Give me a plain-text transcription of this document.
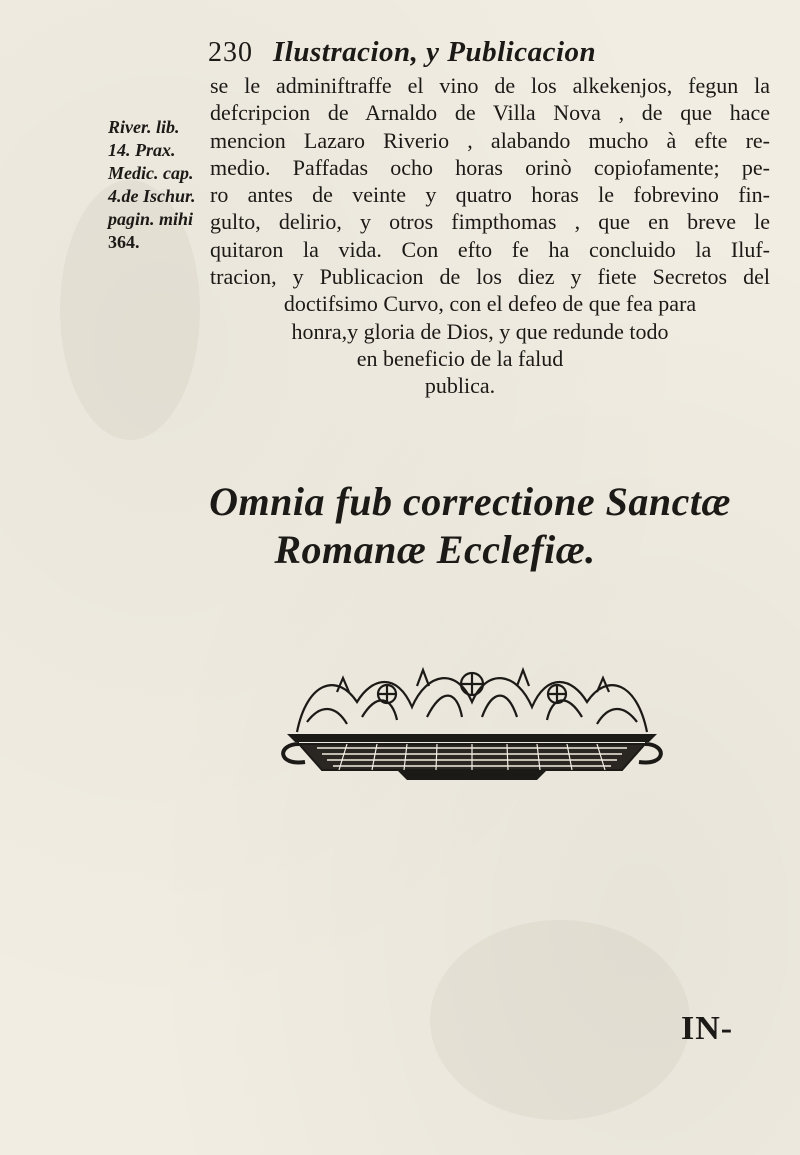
230 Ilustracion, y Publicacion
River. lib.
14. Prax.
Medic. cap.
4.de Ischur.
pagin. mihi
364.
se le adminiftraffe el vino de los alkekenjos, fegun la
defcripcion de Arnaldo de Villa Nova , de que hace
mencion Lazaro Riverio , alabando mucho à efte re-
medio. Paffadas ocho horas orinò copiofamente; pe-
ro antes de veinte y quatro horas le fobrevino fin-
gulto, delirio, y otros fimpthomas , que en breve le
quitaron la vida. Con efto fe ha concluido la Iluf-
tracion, y Publicacion de los diez y fiete Secretos del
doctifsimo Curvo, con el defeo de que fea para
honra,y gloria de Dios, y que redunde todo
en beneficio de la falud
publica.
Omnia fub correctione Sanctæ
Romanæ Ecclefiæ.
IN-
